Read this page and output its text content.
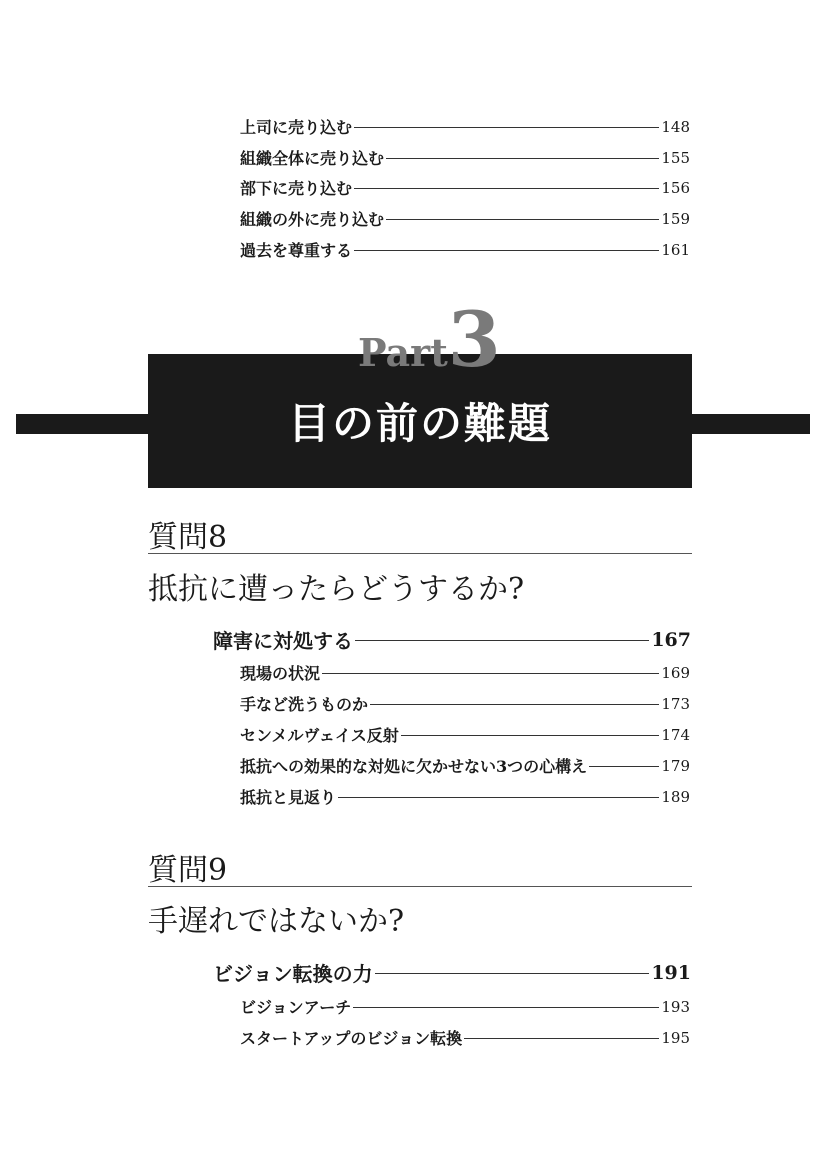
上司に売り込む	148
組織全体に売り込む	155
部下に売り込む	156
組織の外に売り込む	159
過去を尊重する	161
目の前の難題
Part3
質問8
抵抗に遭ったらどうするか?
障害に対処する	167
現場の状況	169
手など洗うものか	173
センメルヴェイス反射	174
抵抗への効果的な対処に欠かせない3つの心構え	179
抵抗と見返り	189
質問9
手遅れではないか?
ビジョン転換の力	191
ビジョンアーチ	193
スタートアップのビジョン転換	195
